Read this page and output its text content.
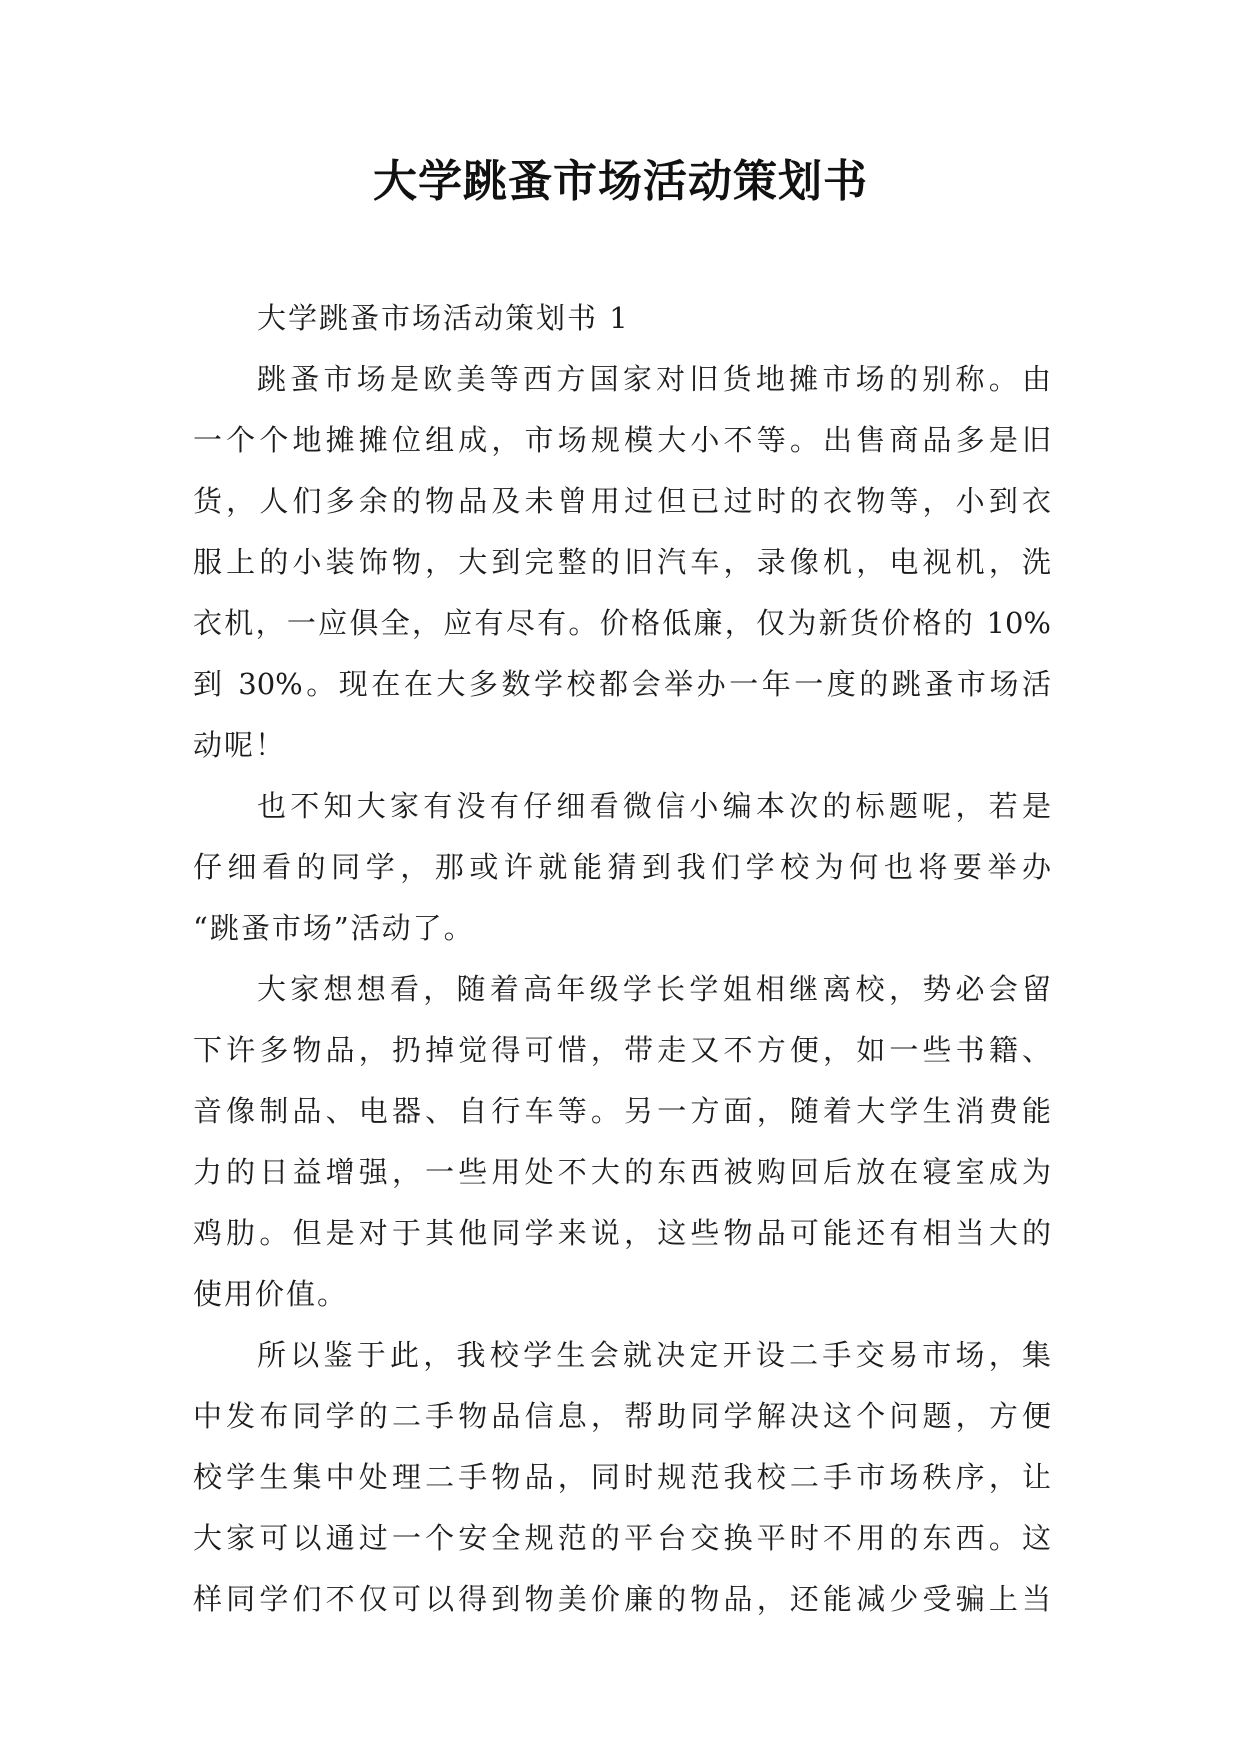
大学跳蚤市场活动策划书
大学跳蚤市场活动策划书 1
跳蚤市场是欧美等西方国家对旧货地摊市场的别称。由
一个个地摊摊位组成，市场规模大小不等。出售商品多是旧
货，人们多余的物品及未曾用过但已过时的衣物等，小到衣
服上的小装饰物，大到完整的旧汽车，录像机，电视机，洗
衣机，一应俱全，应有尽有。价格低廉，仅为新货价格的 10%
到 30%。现在在大多数学校都会举办一年一度的跳蚤市场活
动呢！
也不知大家有没有仔细看微信小编本次的标题呢，若是
仔细看的同学，那或许就能猜到我们学校为何也将要举办
“跳蚤市场”活动了。
大家想想看，随着高年级学长学姐相继离校，势必会留
下许多物品，扔掉觉得可惜，带走又不方便，如一些书籍、
音像制品、电器、自行车等。另一方面，随着大学生消费能
力的日益增强，一些用处不大的东西被购回后放在寝室成为
鸡肋。但是对于其他同学来说，这些物品可能还有相当大的
使用价值。
所以鉴于此，我校学生会就决定开设二手交易市场，集
中发布同学的二手物品信息，帮助同学解决这个问题，方便
校学生集中处理二手物品，同时规范我校二手市场秩序，让
大家可以通过一个安全规范的平台交换平时不用的东西。这
样同学们不仅可以得到物美价廉的物品，还能减少受骗上当
